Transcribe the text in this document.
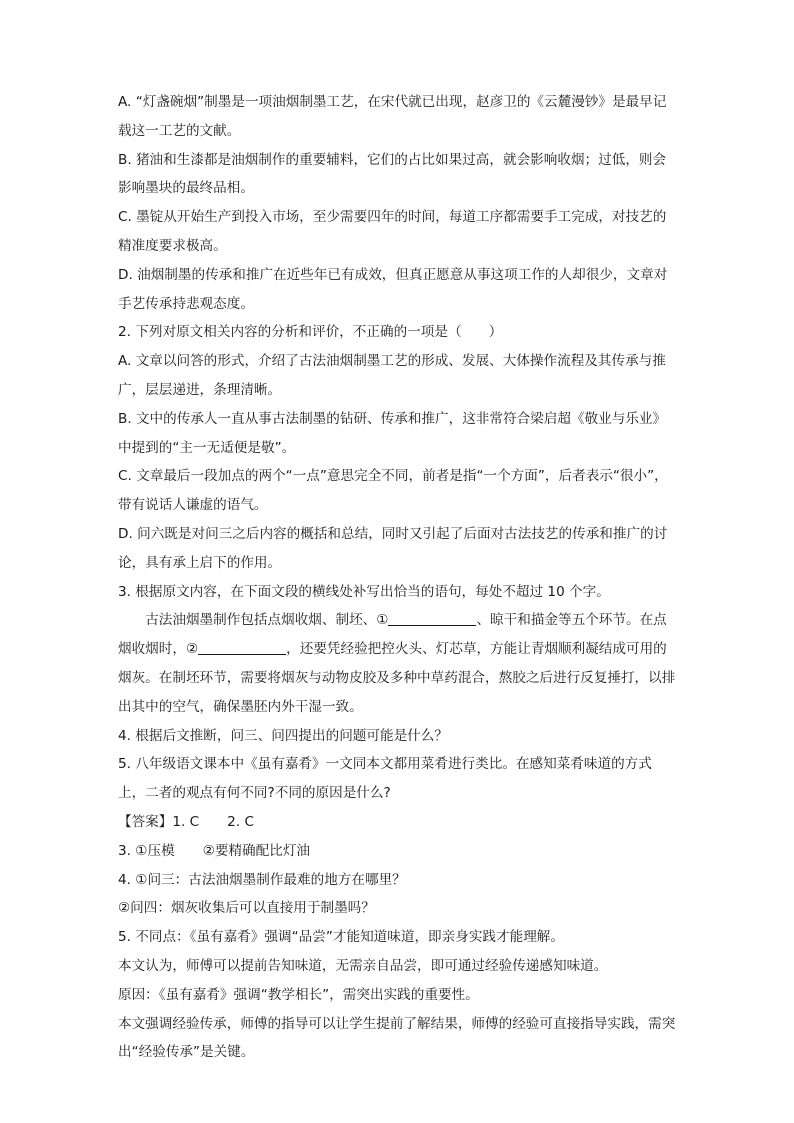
A. “灯盏碗烟”制墨是一项油烟制墨工艺，在宋代就已出现，赵彦卫的《云麓漫钞》是最早记载这一工艺的文献。

B. 猪油和生漆都是油烟制作的重要辅料，它们的占比如果过高，就会影响收烟；过低，则会影响墨块的最终品相。

C. 墨锭从开始生产到投入市场，至少需要四年的时间，每道工序都需要手工完成，对技艺的精准度要求极高。

D. 油烟制墨的传承和推广在近些年已有成效，但真正愿意从事这项工作的人却很少，文章对手艺传承持悲观态度。

2. 下列对原文相关内容的分析和评价，不正确的一项是（　　）

A. 文章以问答的形式，介绍了古法油烟制墨工艺的形成、发展、大体操作流程及其传承与推广，层层递进，条理清晰。

B. 文中的传承人一直从事古法制墨的钻研、传承和推广，这非常符合梁启超《敬业与乐业》中提到的“主一无适便是敬”。

C. 文章最后一段加点的两个“一点”意思完全不同，前者是指“一个方面”，后者表示“很小”，带有说话人谦虚的语气。

D. 问六既是对问三之后内容的概括和总结，同时又引起了后面对古法技艺的传承和推广的讨论，具有承上启下的作用。

3. 根据原文内容，在下面文段的横线处补写出恰当的语句，每处不超过 10 个字。

古法油烟墨制作包括点烟收烟、制坯、①	、晾干和描金等五个环节。在点烟收烟时，②	，还要凭经验把控火头、灯芯草，方能让青烟顺利凝结成可用的烟灰。在制坯环节，需要将烟灰与动物皮胶及多种中草药混合，熬胶之后进行反复捶打，以排出其中的空气，确保墨胚内外干湿一致。

4. 根据后文推断，问三、问四提出的问题可能是什么？

5. 八年级语文课本中《虽有嘉肴》一文同本文都用菜肴进行类比。在感知菜肴味道的方式上，二者的观点有何不同?不同的原因是什么?

【答案】1. C 2. C

3. ①压模 ②要精确配比灯油

4. ①问三：古法油烟墨制作最难的地方在哪里？

②问四：烟灰收集后可以直接用于制墨吗？

5. 不同点：《虽有嘉肴》强调“品尝”才能知道味道，即亲身实践才能理解。

本文认为，师傅可以提前告知味道，无需亲自品尝，即可通过经验传递感知味道。

原因：《虽有嘉肴》强调“教学相长”，需突出实践的重要性。

本文强调经验传承，师傅的指导可以让学生提前了解结果，师傅的经验可直接指导实践，需突出“经验传承”是关键。
